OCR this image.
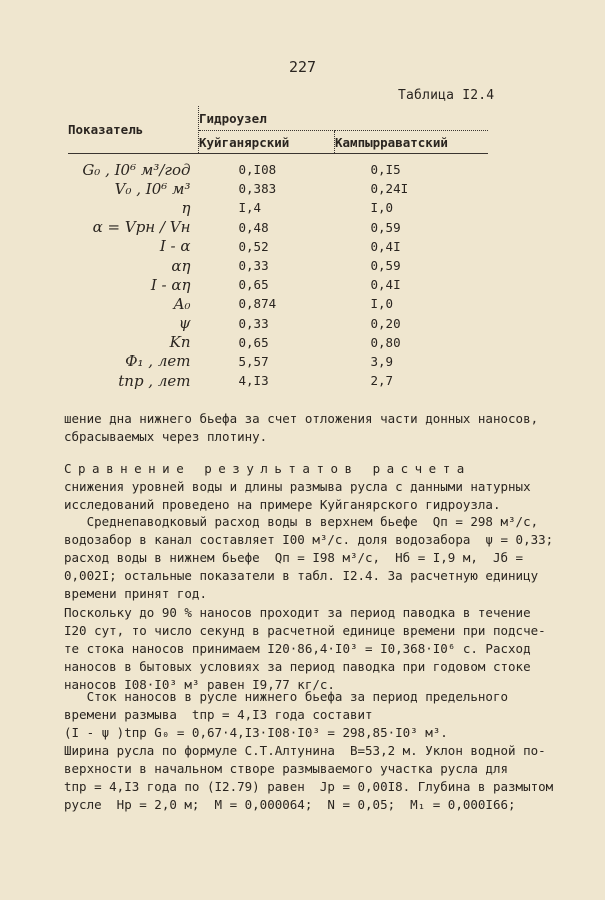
227
Таблица I2.4
Показатель	Гидроузел	
	Куйганярский	Кампырраватский
G₀ , I0⁶ м³/год	0,I08	0,I5
V₀ , I0⁶ м³	0,383	0,24I
η	I,4	I,0
α = Vрн / Vн	0,48	0,59
I - α	0,52	0,4I
αη	0,33	0,59
I - αη	0,65	0,4I
A₀	0,874	I,0
ψ	0,33	0,20
Kп	0,65	0,80
Ф₁ , лет	5,57	3,9
tпр , лет	4,I3	2,7
шение дна нижнего бьефа за счет отложения части донных наносов,
сбрасываемых через плотину.
Сравнение результатов расчета
снижения уровней воды и длины размыва русла с данными натурных
исследований проведено на примере Куйганярского гидроузла.
Среднепаводковый расход воды в верхнем бьефе  Qп = 298 м³/с,
водозабор в канал составляет I00 м³/с. доля водозабора  ψ = 0,33;
расход воды в нижнем бьефе  Qп = I98 м³/с,  Hб = I,9 м,  Jб =
0,002I; остальные показатели в табл. I2.4. За расчетную единицу
времени принят год.
Поскольку до 90 % наносов проходит за период паводка в течение
I20 сут, то число секунд в расчетной единице времени при подсче-
те стока наносов принимаем I20·86,4·I0³ = I0,368·I0⁶ с. Расход
наносов в бытовых условиях за период паводка при годовом стоке
наносов I08·I0³ м³ равен I9,77 кг/с.
Сток наносов в русле нижнего бьефа за период предельного
времени размыва  tпр = 4,I3 года составит
(I - ψ )tпр G₀ = 0,67·4,I3·I08·I0³ = 298,85·I0³ м³.
Ширина русла по формуле С.Т.Алтунина  B=53,2 м. Уклон водной по-
верхности в начальном створе размываемого участка русла для
tпр = 4,I3 года по (I2.79) равен  Jр = 0,00I8. Глубина в размытом
русле  Hр = 2,0 м;  M = 0,000064;  N = 0,05;  M₁ = 0,000I66;
